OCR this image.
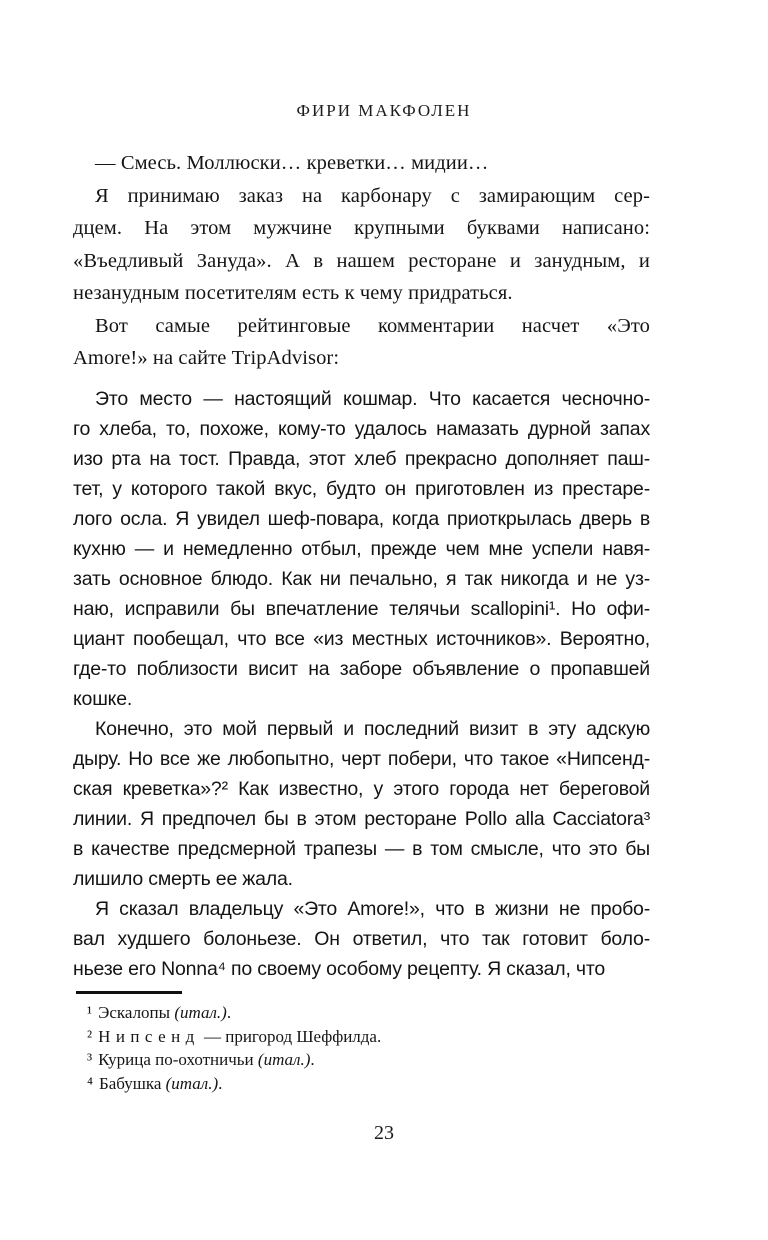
ФИРИ МАКФОЛЕН
— Смесь. Моллюски… креветки… мидии…
Я принимаю заказ на карбонару с замирающим сер-
дцем. На этом мужчине крупными буквами написано:
«Въедливый Зануда». А в нашем ресторане и занудным, и
незанудным посетителям есть к чему придраться.
Вот самые рейтинговые комментарии насчет «Это
Amore!» на сайте TripAdvisor:
Это место — настоящий кошмар. Что касается чесночно-
го хлеба, то, похоже, кому-то удалось намазать дурной запах
изо рта на тост. Правда, этот хлеб прекрасно дополняет паш-
тет, у которого такой вкус, будто он приготовлен из престаре-
лого осла. Я увидел шеф-повара, когда приоткрылась дверь в
кухню — и немедленно отбыл, прежде чем мне успели навя-
зать основное блюдо. Как ни печально, я так никогда и не уз-
наю, исправили бы впечатление телячьи scallopini¹. Но офи-
циант пообещал, что все «из местных источников». Вероятно,
где-то поблизости висит на заборе объявление о пропавшей
кошке.
Конечно, это мой первый и последний визит в эту адскую
дыру. Но все же любопытно, черт побери, что такое «Нипсенд-
ская креветка»?² Как известно, у этого города нет береговой
линии. Я предпочел бы в этом ресторане Pollo alla Cacciatora³
в качестве предсмерной трапезы — в том смысле, что это бы
лишило смерть ее жала.
Я сказал владельцу «Это Amore!», что в жизни не пробо-
вал худшего болоньезе. Он ответил, что так готовит боло-
ньезе его Nonna⁴ по своему особому рецепту. Я сказал, что
¹ Эскалопы (итал.).
² Нипсенд — пригород Шеффилда.
³ Курица по-охотничьи (итал.).
⁴ Бабушка (итал.).
23
